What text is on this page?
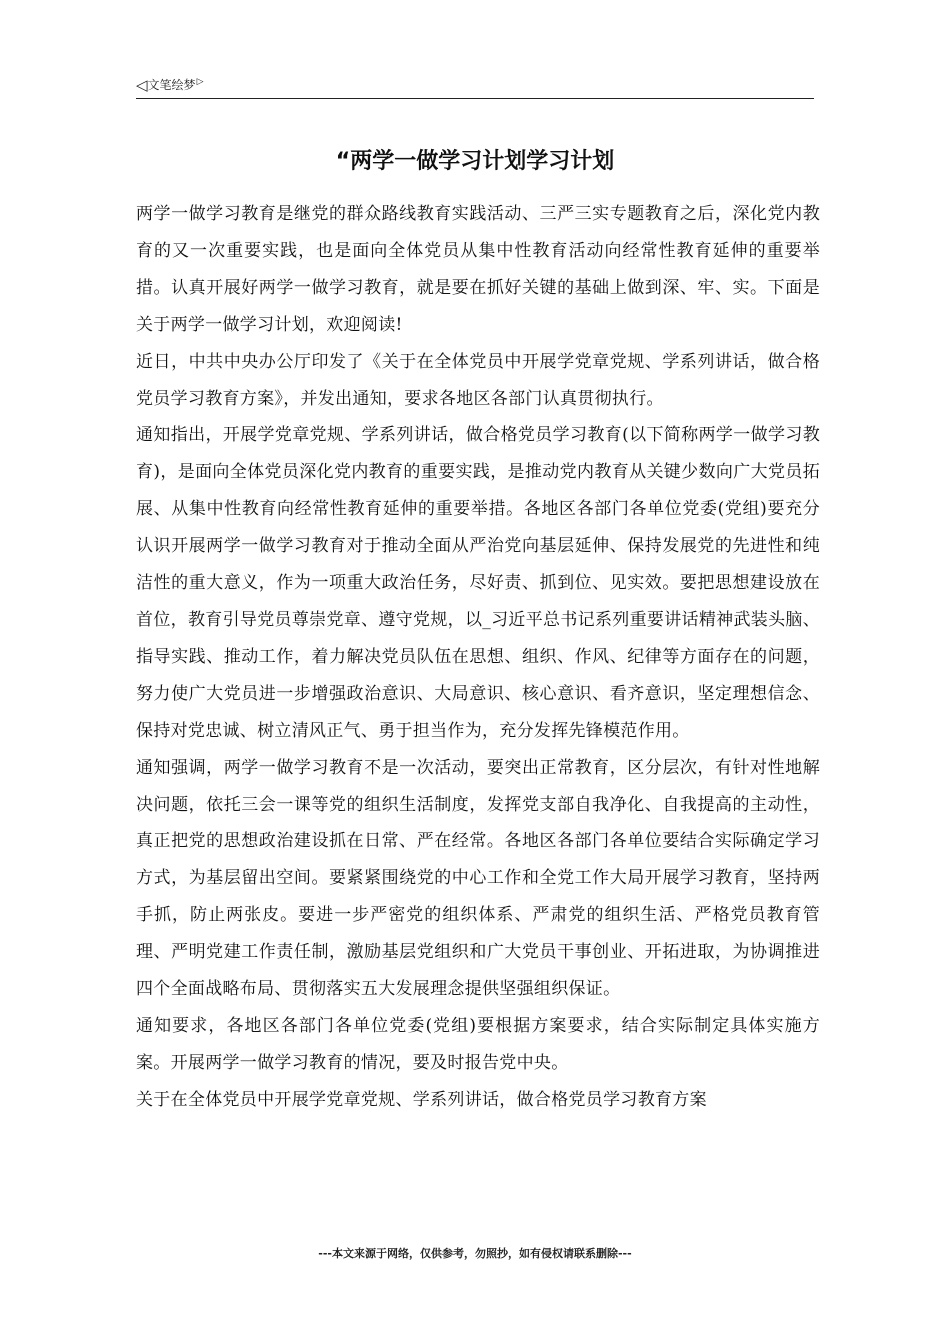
◁文笔绘梦▷
“两学一做学习计划学习计划

两学一做学习教育是继党的群众路线教育实践活动、三严三实专题教育之后，深化党内教育的又一次重要实践，也是面向全体党员从集中性教育活动向经常性教育延伸的重要举措。认真开展好两学一做学习教育，就是要在抓好关键的基础上做到深、牢、实。下面是关于两学一做学习计划，欢迎阅读!

近日，中共中央办公厅印发了《关于在全体党员中开展学党章党规、学系列讲话，做合格党员学习教育方案》，并发出通知，要求各地区各部门认真贯彻执行。

通知指出，开展学党章党规、学系列讲话，做合格党员学习教育(以下简称两学一做学习教育)，是面向全体党员深化党内教育的重要实践，是推动党内教育从关键少数向广大党员拓展、从集中性教育向经常性教育延伸的重要举措。各地区各部门各单位党委(党组)要充分认识开展两学一做学习教育对于推动全面从严治党向基层延伸、保持发展党的先进性和纯洁性的重大意义，作为一项重大政治任务，尽好责、抓到位、见实效。要把思想建设放在首位，教育引导党员尊崇党章、遵守党规，以_习近平总书记系列重要讲话精神武装头脑、指导实践、推动工作，着力解决党员队伍在思想、组织、作风、纪律等方面存在的问题，努力使广大党员进一步增强政治意识、大局意识、核心意识、看齐意识，坚定理想信念、保持对党忠诚、树立清风正气、勇于担当作为，充分发挥先锋模范作用。

通知强调，两学一做学习教育不是一次活动，要突出正常教育，区分层次，有针对性地解决问题，依托三会一课等党的组织生活制度，发挥党支部自我净化、自我提高的主动性，真正把党的思想政治建设抓在日常、严在经常。各地区各部门各单位要结合实际确定学习方式，为基层留出空间。要紧紧围绕党的中心工作和全党工作大局开展学习教育，坚持两手抓，防止两张皮。要进一步严密党的组织体系、严肃党的组织生活、严格党员教育管理、严明党建工作责任制，激励基层党组织和广大党员干事创业、开拓进取，为协调推进四个全面战略布局、贯彻落实五大发展理念提供坚强组织保证。

通知要求，各地区各部门各单位党委(党组)要根据方案要求，结合实际制定具体实施方案。开展两学一做学习教育的情况，要及时报告党中央。

关于在全体党员中开展学党章党规、学系列讲话，做合格党员学习教育方案

---本文来源于网络，仅供参考，勿照抄，如有侵权请联系删除---
